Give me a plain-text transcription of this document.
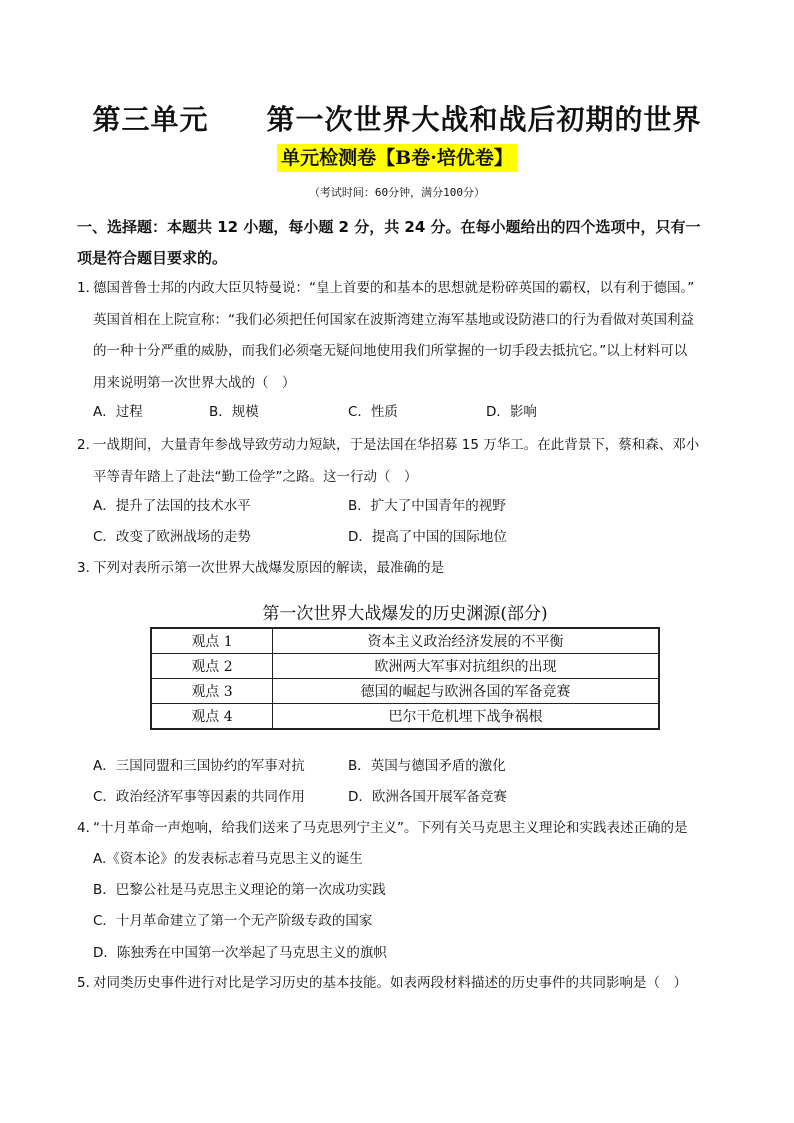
第三单元　　第一次世界大战和战后初期的世界
单元检测卷【B卷·培优卷】
（考试时间：60分钟，满分100分）
一、选择题：本题共 12 小题，每小题 2 分，共 24 分。在每小题给出的四个选项中，只有一
项是符合题目要求的。
1．
德国普鲁士邦的内政大臣贝特曼说：“皇上首要的和基本的思想就是粉碎英国的霸权，以有利于德国。”
英国首相在上院宣称：“我们必须把任何国家在波斯湾建立海军基地或设防港口的行为看做对英国利益
的一种十分严重的威胁，而我们必须毫无疑问地使用我们所掌握的一切手段去抵抗它。”以上材料可以
用来说明第一次世界大战的（　）
A．过程	B．规模	C．性质	D．影响
2．
一战期间，大量青年参战导致劳动力短缺，于是法国在华招募 15 万华工。在此背景下，蔡和森、邓小
平等青年踏上了赴法“勤工俭学”之路。这一行动（　）
A．提升了法国的技术水平	B．扩大了中国青年的视野
C．改变了欧洲战场的走势	D．提高了中国的国际地位
3．
下列对表所示第一次世界大战爆发原因的解读，最准确的是
第一次世界大战爆发的历史渊源(部分)
观点 1	资本主义政治经济发展的不平衡
观点 2	欧洲两大军事对抗组织的出现
观点 3	德国的崛起与欧洲各国的军备竞赛
观点 4	巴尔干危机埋下战争祸根
A．三国同盟和三国协约的军事对抗	B．英国与德国矛盾的激化
C．政治经济军事等因素的共同作用	D．欧洲各国开展军备竞赛
4．
“十月革命一声炮响，给我们送来了马克思列宁主义”。下列有关马克思主义理论和实践表述正确的是
A.《资本论》的发表标志着马克思主义的诞生
B．巴黎公社是马克思主义理论的第一次成功实践
C．十月革命建立了第一个无产阶级专政的国家
D．陈独秀在中国第一次举起了马克思主义的旗帜
5．
对同类历史事件进行对比是学习历史的基本技能。如表两段材料描述的历史事件的共同影响是（　）
